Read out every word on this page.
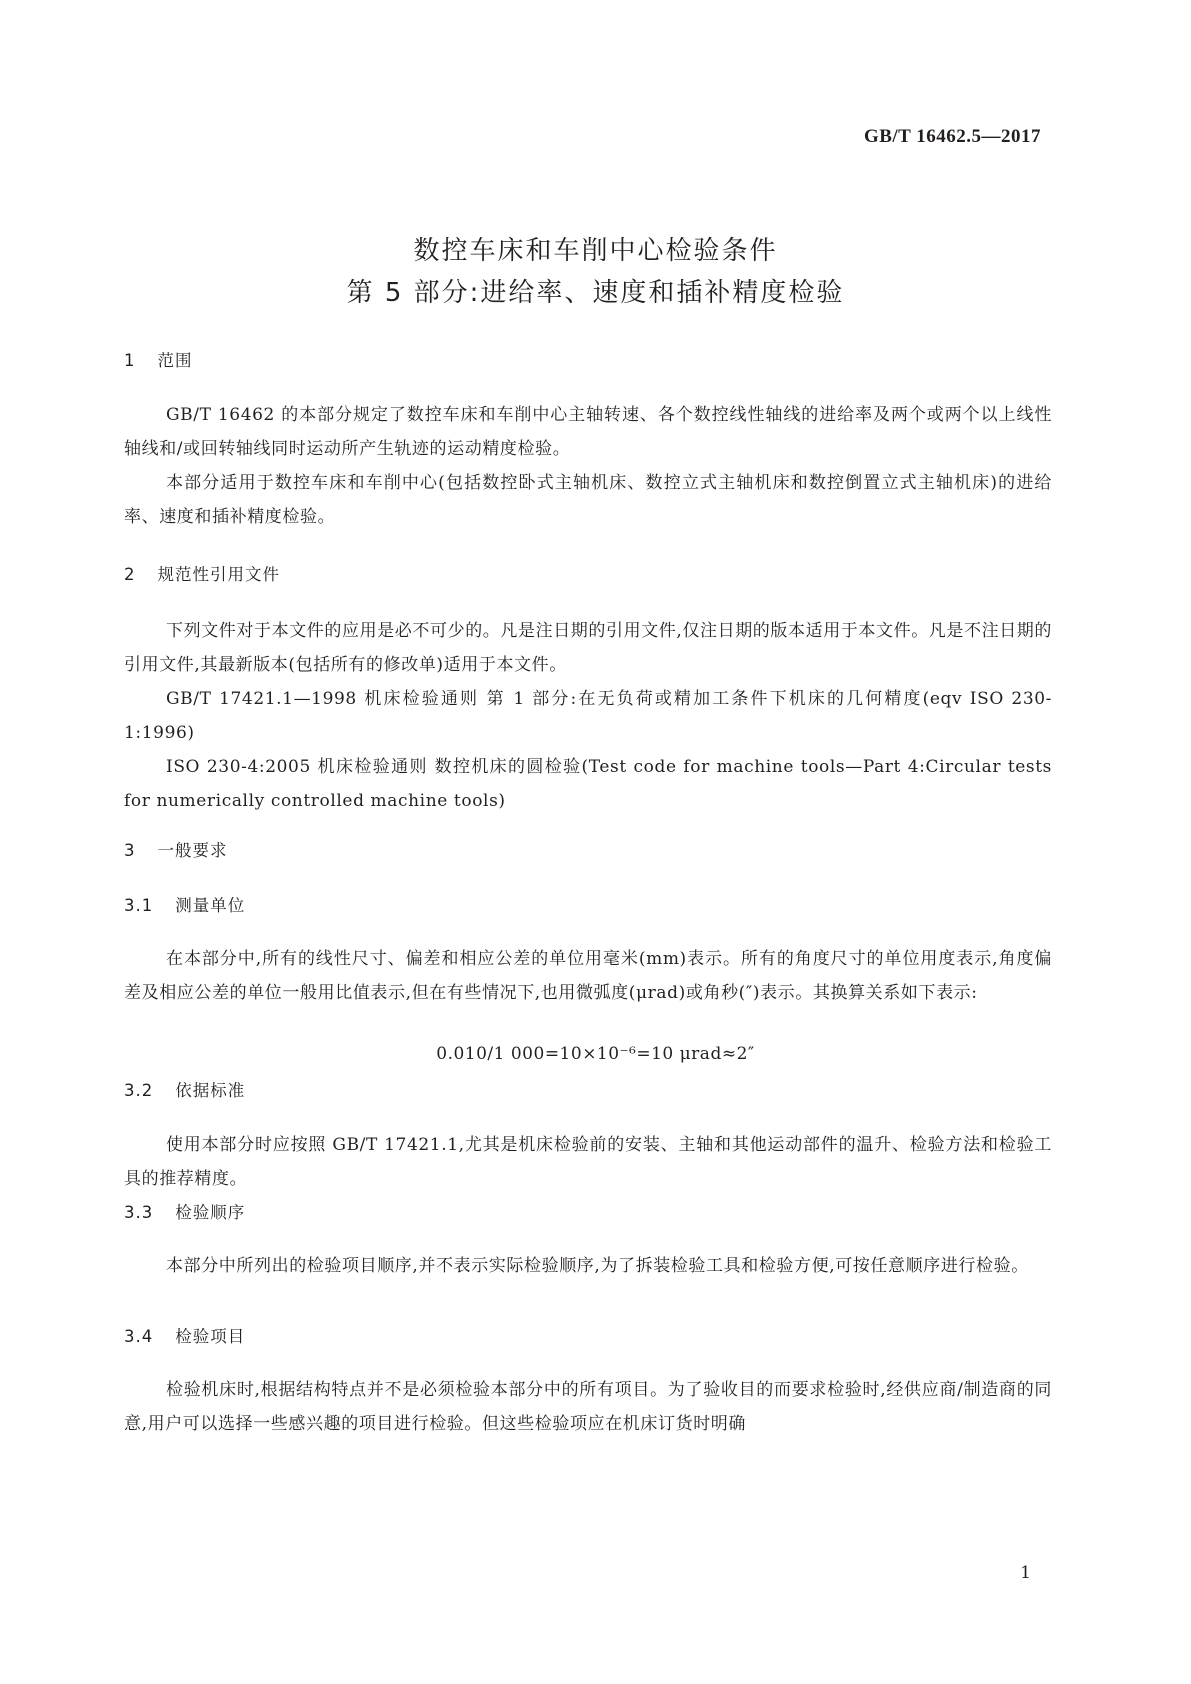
GB/T 16462.5—2017
数控车床和车削中心检验条件
第 5 部分:进给率、速度和插补精度检验
1 范围

GB/T 16462 的本部分规定了数控车床和车削中心主轴转速、各个数控线性轴线的进给率及两个或两个以上线性轴线和/或回转轴线同时运动所产生轨迹的运动精度检验。

本部分适用于数控车床和车削中心(包括数控卧式主轴机床、数控立式主轴机床和数控倒置立式主轴机床)的进给率、速度和插补精度检验。

2 规范性引用文件

下列文件对于本文件的应用是必不可少的。凡是注日期的引用文件,仅注日期的版本适用于本文件。凡是不注日期的引用文件,其最新版本(包括所有的修改单)适用于本文件。

GB/T 17421.1—1998 机床检验通则 第 1 部分:在无负荷或精加工条件下机床的几何精度(eqv ISO 230-1:1996)

ISO 230-4:2005 机床检验通则 数控机床的圆检验(Test code for machine tools—Part 4:Circular tests for numerically controlled machine tools)

3 一般要求
3.1 测量单位

在本部分中,所有的线性尺寸、偏差和相应公差的单位用毫米(mm)表示。所有的角度尺寸的单位用度表示,角度偏差及相应公差的单位一般用比值表示,但在有些情况下,也用微弧度(μrad)或角秒(″)表示。其换算关系如下表示:

0.010/1 000=10×10⁻⁶=10 μrad≈2″
3.2 依据标准

使用本部分时应按照 GB/T 17421.1,尤其是机床检验前的安装、主轴和其他运动部件的温升、检验方法和检验工具的推荐精度。

3.3 检验顺序

本部分中所列出的检验项目顺序,并不表示实际检验顺序,为了拆装检验工具和检验方便,可按任意顺序进行检验。

3.4 检验项目

检验机床时,根据结构特点并不是必须检验本部分中的所有项目。为了验收目的而要求检验时,经供应商/制造商的同意,用户可以选择一些感兴趣的项目进行检验。但这些检验项应在机床订货时明确

1
